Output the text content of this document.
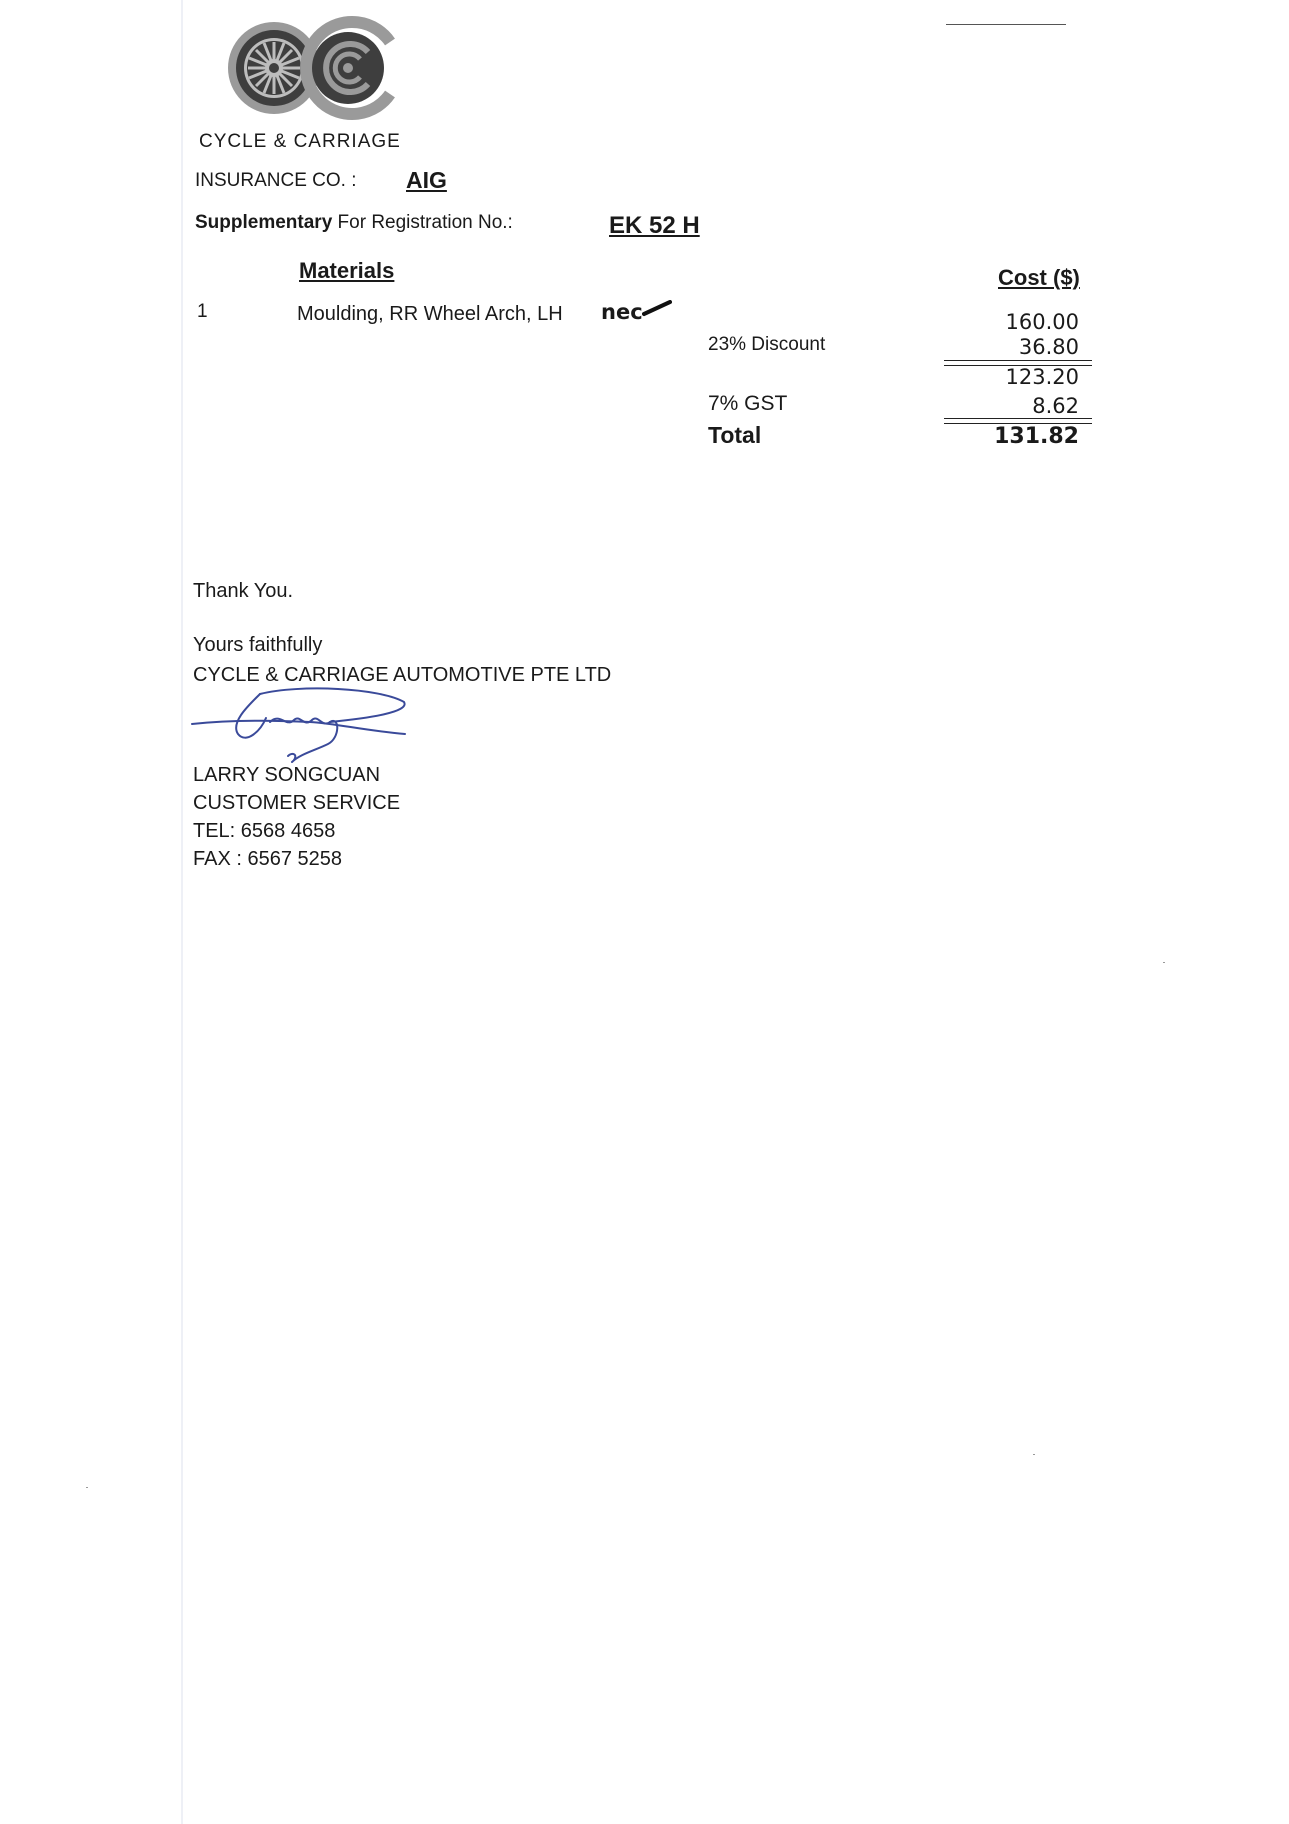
CYCLE & CARRIAGE
INSURANCE CO. : AIG
Supplementary For Registration No.:	EK 52 H
Materials	Cost ($)
1	Moulding, RR Wheel Arch, LH nec	160.00
23% Discount	36.80
123.20
7% GST	8.62
Total	131.82
Thank You.
Yours faithfully
CYCLE & CARRIAGE AUTOMOTIVE PTE LTD
LARRY SONGCUAN
CUSTOMER SERVICE
TEL: 6568 4658
FAX : 6567 5258
